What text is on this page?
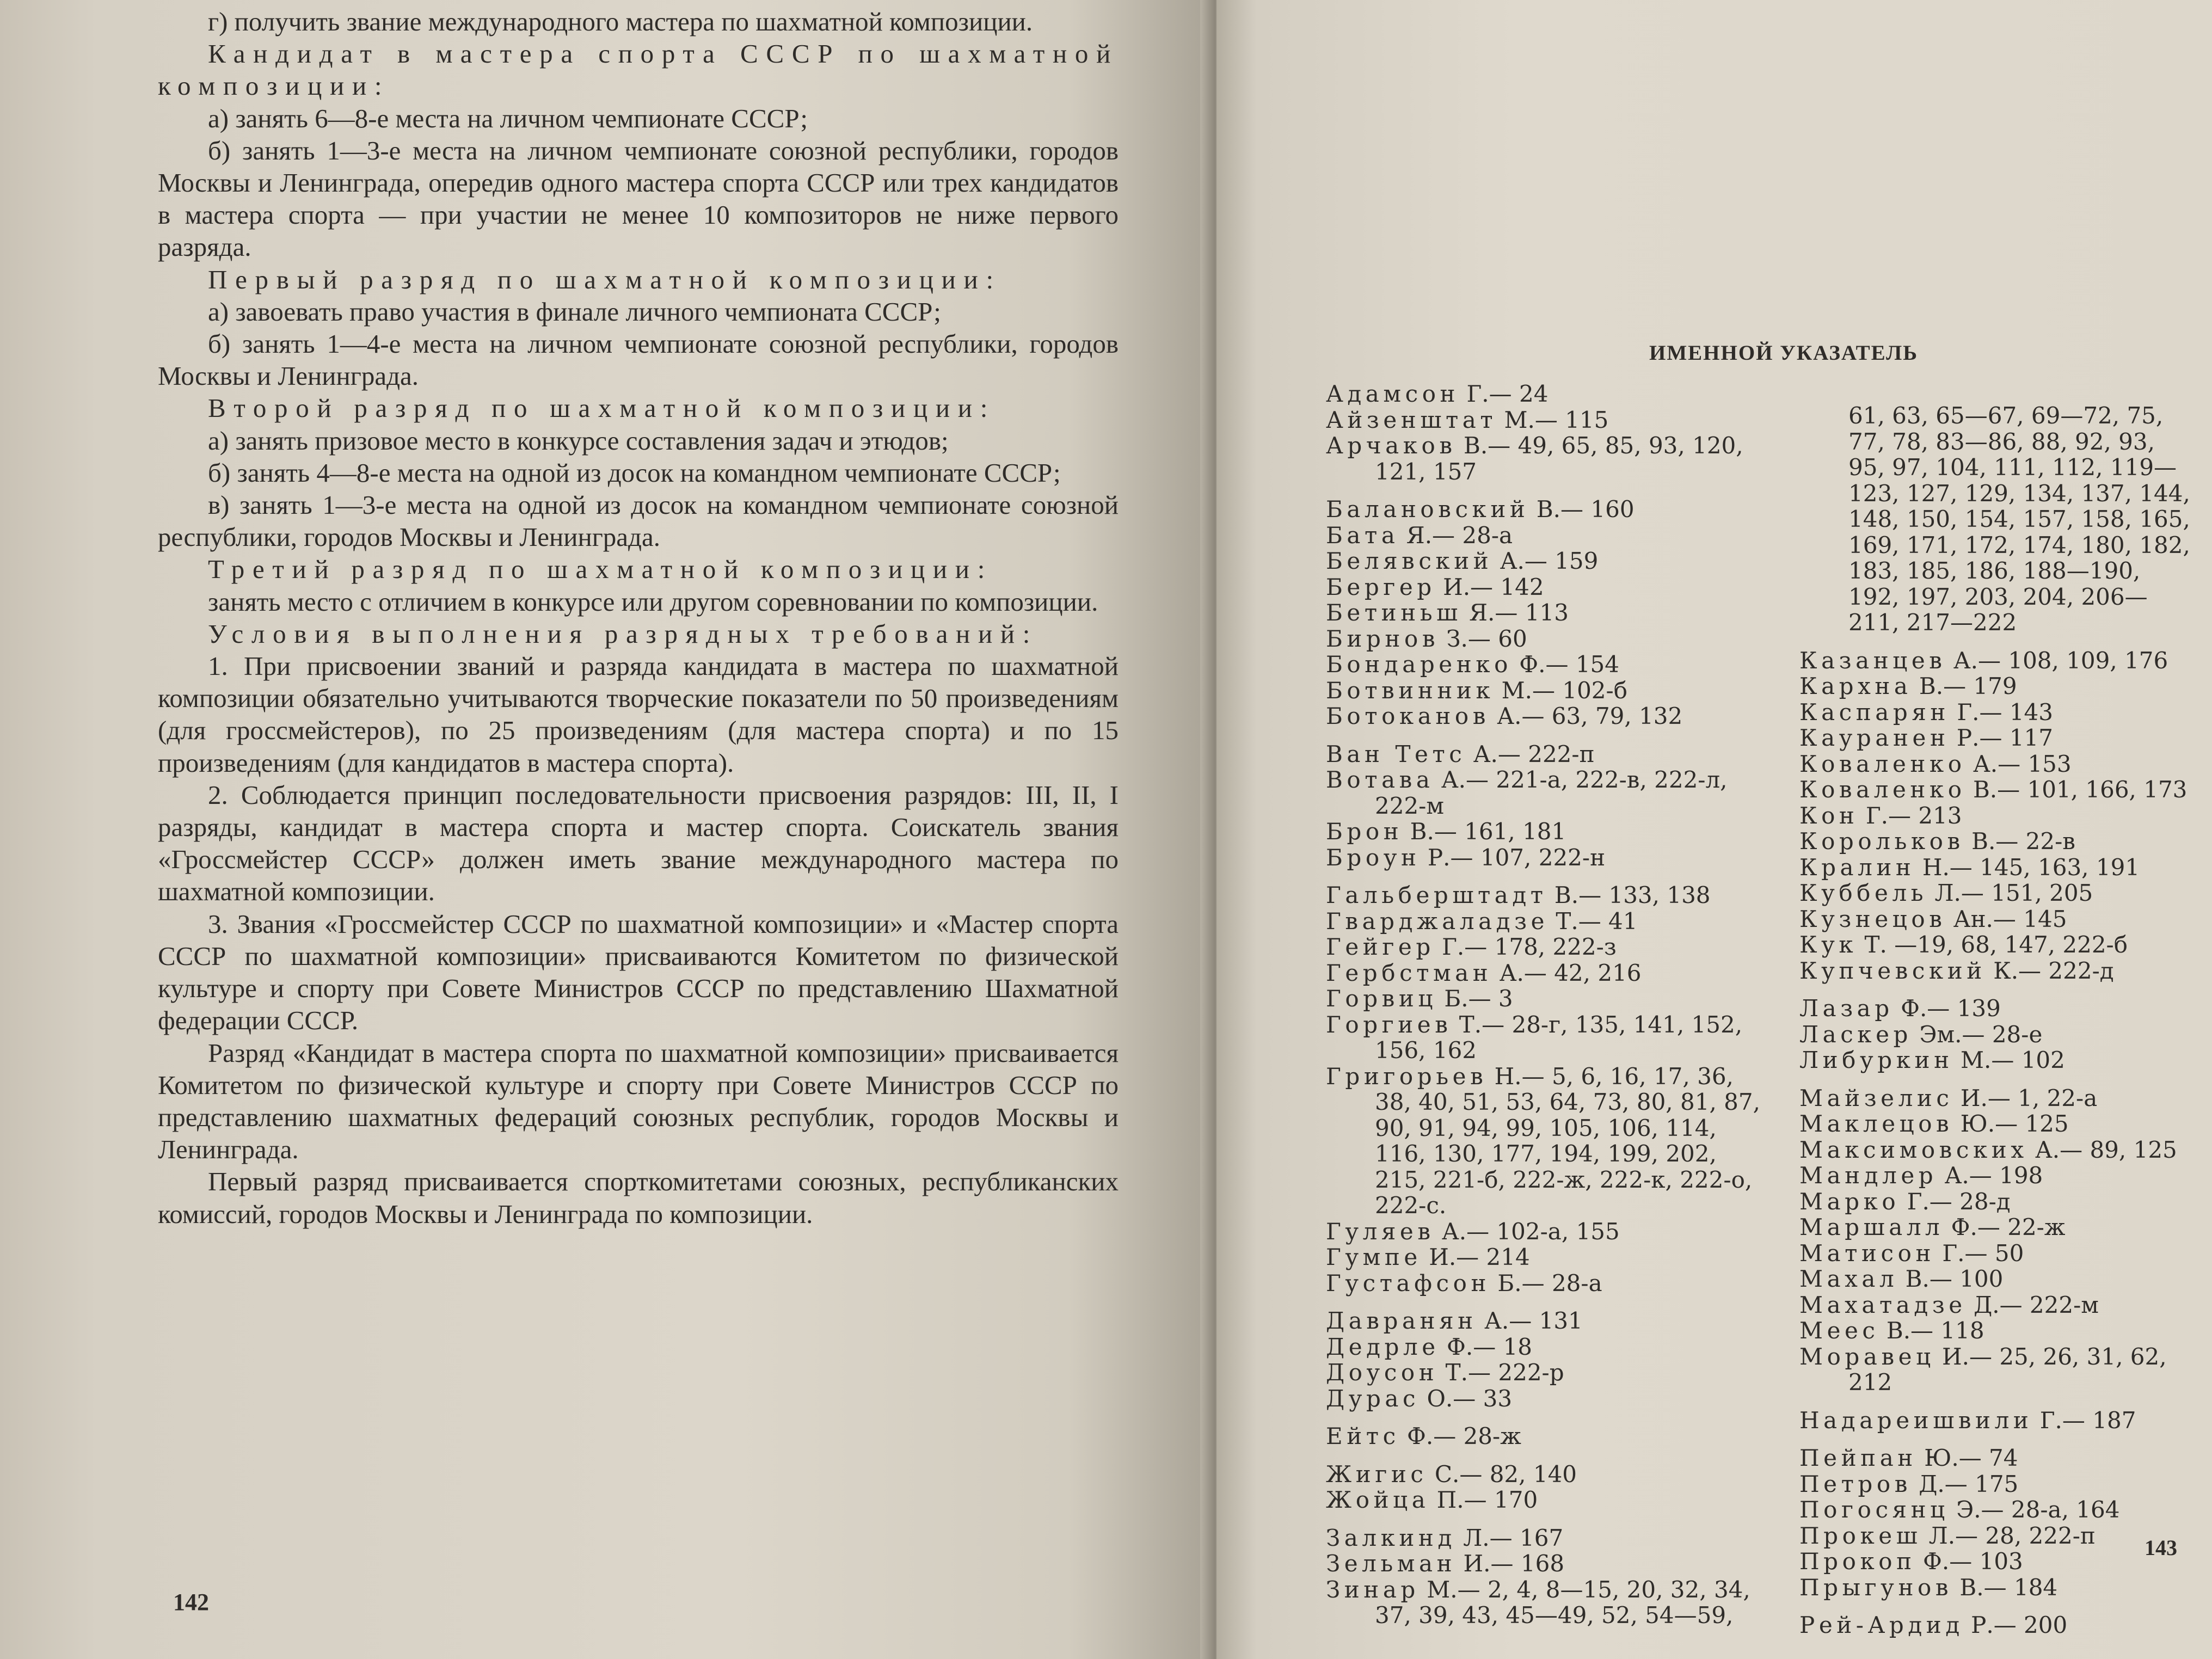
г) получить звание международного мастера по шахматной композиции.

Кандидат в мастера спорта СССР по шахматной композиции:

а) занять 6—8-е места на личном чемпионате СССР;

б) занять 1—3-е места на личном чемпионате союзной республики, городов Москвы и Ленинграда, опередив одного мастера спорта СССР или трех кандидатов в мастера спорта — при участии не менее 10 композиторов не ниже первого разряда.

Первый разряд по шахматной композиции:

а) завоевать право участия в финале личного чемпионата СССР;

б) занять 1—4-е места на личном чемпионате союзной республики, городов Москвы и Ленинграда.

Второй разряд по шахматной композиции:

а) занять призовое место в конкурсе составления задач и этюдов;

б) занять 4—8-е места на одной из досок на командном чемпионате СССР;

в) занять 1—3-е места на одной из досок на командном чемпионате союзной республики, городов Москвы и Ленинграда.

Третий разряд по шахматной композиции:

занять место с отличием в конкурсе или другом соревновании по композиции.

Условия выполнения разрядных требований:

1. При присвоении званий и разряда кандидата в мастера по шахматной композиции обязательно учитываются творческие показатели по 50 произведениям (для гроссмейстеров), по 25 произведениям (для мастера спорта) и по 15 произведениям (для кандидатов в мастера спорта).

2. Соблюдается принцип последовательности присвоения разрядов: III, II, I разряды, кандидат в мастера спорта и мастер спорта. Соискатель звания «Гроссмейстер СССР» должен иметь звание международного мастера по шахматной композиции.

3. Звания «Гроссмейстер СССР по шахматной композиции» и «Мастер спорта СССР по шахматной композиции» присваиваются Комитетом по физической культуре и спорту при Совете Министров СССР по представлению Шахматной федерации СССР.

Разряд «Кандидат в мастера спорта по шахматной композиции» присваивается Комитетом по физической культуре и спорту при Совете Министров СССР по представлению шахматных федераций союзных республик, городов Москвы и Ленинграда.

Первый разряд присваивается спорткомитетами союзных, республиканских комиссий, городов Москвы и Ленинграда по композиции.

142
ИМЕННОЙ УКАЗАТЕЛЬ
Адамсон Г.— 24
Айзенштат М.— 115
Арчаков В.— 49, 65, 85, 93, 120, 121, 157
Балановский В.— 160
Бата Я.— 28-а
Белявский А.— 159
Бергер И.— 142
Бетиньш Я.— 113
Бирнов З.— 60
Бондаренко Ф.— 154
Ботвинник М.— 102-б
Ботоканов А.— 63, 79, 132
Ван Тетс А.— 222-п
Вотава А.— 221-а, 222-в, 222-л, 222-м
Брон В.— 161, 181
Броун Р.— 107, 222-н
Гальберштадт В.— 133, 138
Гварджаладзе Т.— 41
Гейгер Г.— 178, 222-з
Гербстман А.— 42, 216
Горвиц Б.— 3
Горгиев Т.— 28-г, 135, 141, 152, 156, 162
Григорьев Н.— 5, 6, 16, 17, 36, 38, 40, 51, 53, 64, 73, 80, 81, 87, 90, 91, 94, 99, 105, 106, 114, 116, 130, 177, 194, 199, 202, 215, 221-б, 222-ж, 222-к, 222-о, 222-с.
Гуляев А.— 102-а, 155
Гумпе И.— 214
Густафсон Б.— 28-а
Давранян А.— 131
Дедрле Ф.— 18
Доусон Т.— 222-р
Дурас О.— 33
Ейтс Ф.— 28-ж
Жигис С.— 82, 140
Жойца П.— 170
Залкинд Л.— 167
Зельман И.— 168
Зинар М.— 2, 4, 8—15, 20, 32, 34, 37, 39, 43, 45—49, 52, 54—59,
61, 63, 65—67, 69—72, 75, 77, 78, 83—86, 88, 92, 93, 95, 97, 104, 111, 112, 119—123, 127, 129, 134, 137, 144, 148, 150, 154, 157, 158, 165, 169, 171, 172, 174, 180, 182, 183, 185, 186, 188—190, 192, 197, 203, 204, 206—211, 217—222
Казанцев А.— 108, 109, 176
Кархна В.— 179
Каспарян Г.— 143
Кауранен Р.— 117
Коваленко А.— 153
Коваленко В.— 101, 166, 173
Кон Г.— 213
Корольков В.— 22-в
Кралин Н.— 145, 163, 191
Куббель Л.— 151, 205
Кузнецов Ан.— 145
Кук Т. —19, 68, 147, 222-б
Купчевский К.— 222-д
Лазар Ф.— 139
Ласкер Эм.— 28-е
Либуркин М.— 102
Майзелис И.— 1, 22-а
Маклецов Ю.— 125
Максимовских А.— 89, 125
Мандлер А.— 198
Марко Г.— 28-д
Маршалл Ф.— 22-ж
Матисон Г.— 50
Махал В.— 100
Махатадзе Д.— 222-м
Меес В.— 118
Моравец И.— 25, 26, 31, 62, 212
Надареишвили Г.— 187
Пейпан Ю.— 74
Петров Д.— 175
Погосянц Э.— 28-а, 164
Прокеш Л.— 28, 222-п
Прокоп Ф.— 103
Прыгунов В.— 184
Рей-Ардид Р.— 200
143
